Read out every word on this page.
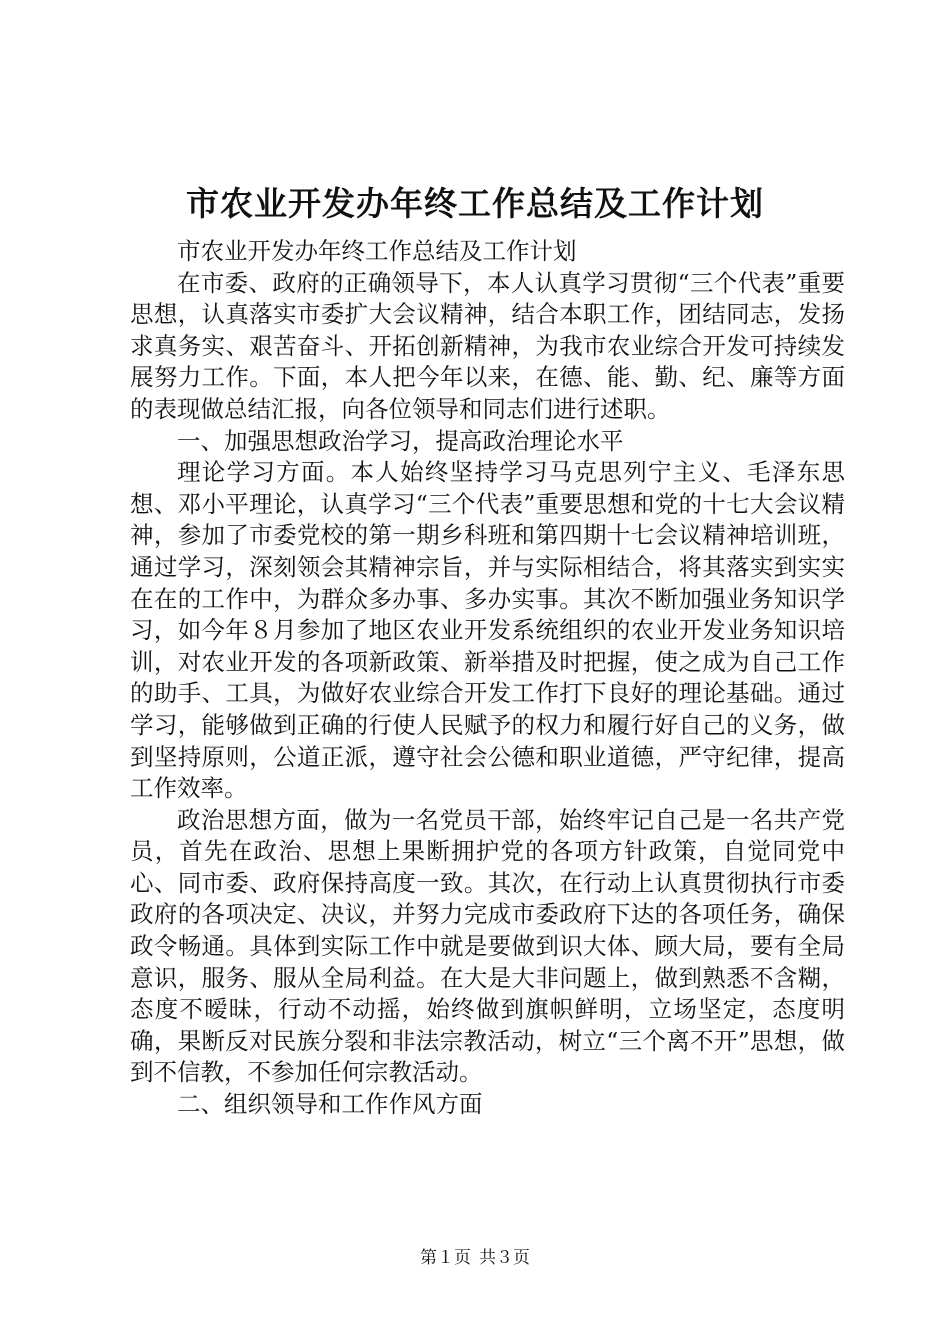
市农业开发办年终工作总结及工作计划

市农业开发办年终工作总结及工作计划

在市委、政府的正确领导下，本人认真学习贯彻“三个代表”重要思想，认真落实市委扩大会议精神，结合本职工作，团结同志，发扬求真务实、艰苦奋斗、开拓创新精神，为我市农业综合开发可持续发展努力工作。下面，本人把今年以来，在德、能、勤、纪、廉等方面的表现做总结汇报，向各位领导和同志们进行述职。

一、加强思想政治学习，提高政治理论水平

理论学习方面。本人始终坚持学习马克思列宁主义、毛泽东思想、邓小平理论，认真学习“三个代表”重要思想和党的十七大会议精神，参加了市委党校的第一期乡科班和第四期十七会议精神培训班，通过学习，深刻领会其精神宗旨，并与实际相结合，将其落实到实实在在的工作中，为群众多办事、多办实事。其次不断加强业务知识学习，如今年８月参加了地区农业开发系统组织的农业开发业务知识培训，对农业开发的各项新政策、新举措及时把握，使之成为自己工作的助手、工具，为做好农业综合开发工作打下良好的理论基础。通过学习，能够做到正确的行使人民赋予的权力和履行好自己的义务，做到坚持原则，公道正派，遵守社会公德和职业道德，严守纪律，提高工作效率。

政治思想方面，做为一名党员干部，始终牢记自己是一名共产党员，首先在政治、思想上果断拥护党的各项方针政策，自觉同党中心、同市委、政府保持高度一致。其次，在行动上认真贯彻执行市委政府的各项决定、决议，并努力完成市委政府下达的各项任务，确保政令畅通。具体到实际工作中就是要做到识大体、顾大局，要有全局意识，服务、服从全局利益。在大是大非问题上，做到熟悉不含糊，态度不暧昧，行动不动摇，始终做到旗帜鲜明，立场坚定，态度明确，果断反对民族分裂和非法宗教活动，树立“三个离不开”思想，做到不信教，不参加任何宗教活动。

二、组织领导和工作作风方面

第１页 共３页
